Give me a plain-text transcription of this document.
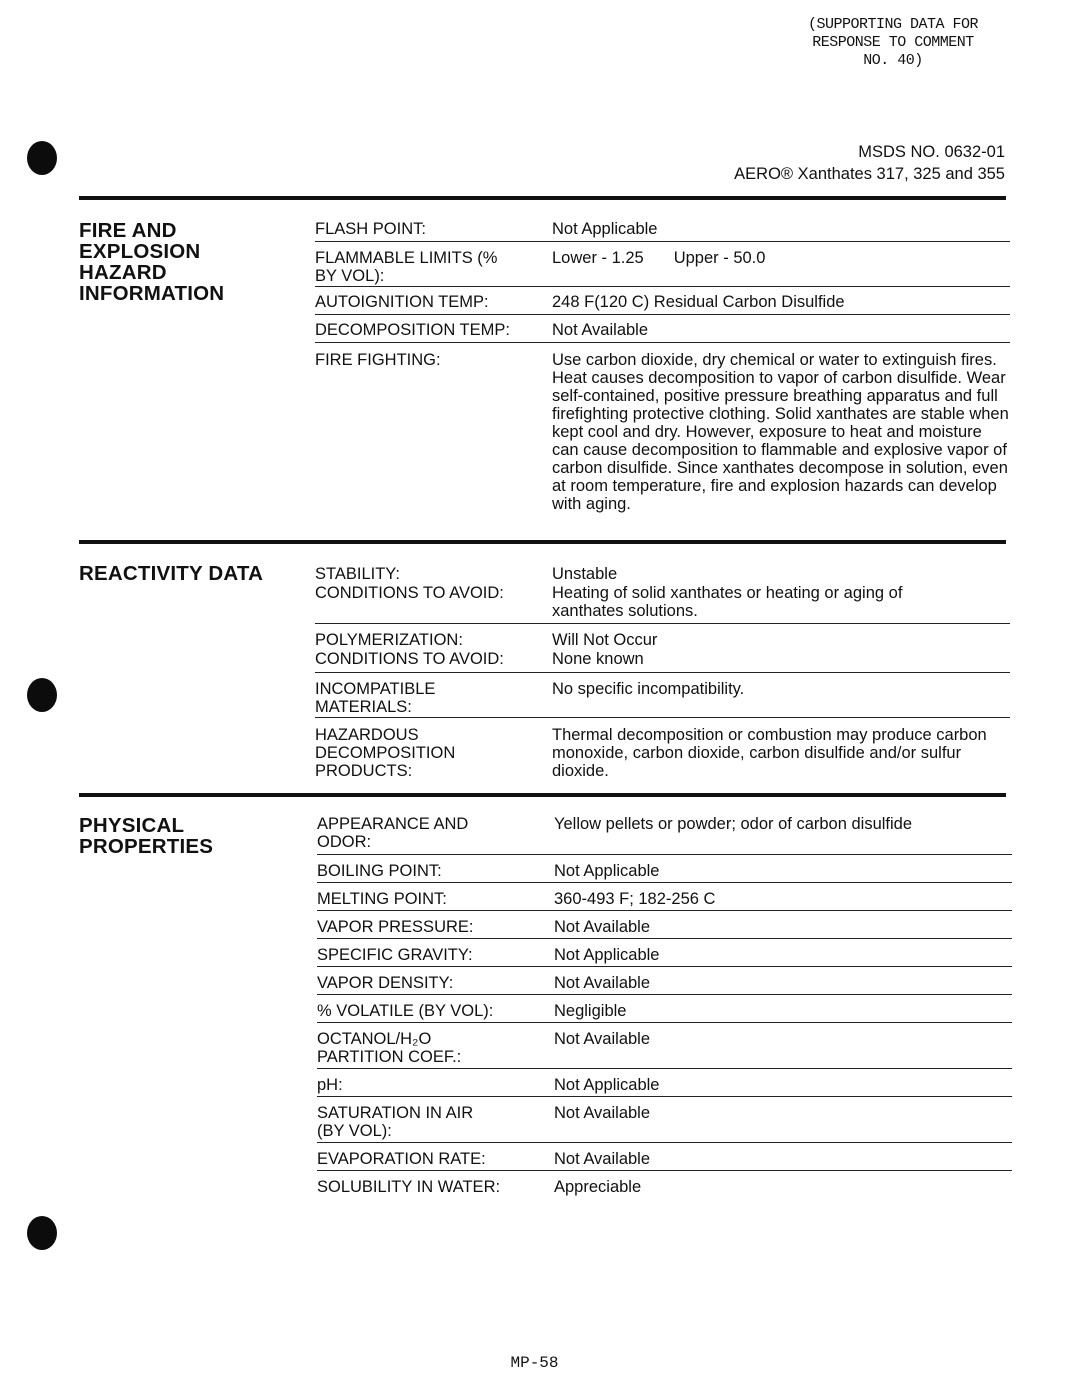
(SUPPORTING DATA FOR
RESPONSE TO COMMENT
NO. 40)
MSDS NO. 0632-01
AERO® Xanthates 317, 325 and 355
FIRE AND EXPLOSION HAZARD INFORMATION
FLASH POINT:	Not Applicable
FLAMMABLE LIMITS (% BY VOL):
Lower - 1.25 Upper - 50.0
AUTOIGNITION TEMP:	248 F(120 C) Residual Carbon Disulfide
DECOMPOSITION TEMP:	Not Available
FIRE FIGHTING:	Use carbon dioxide, dry chemical or water to extinguish fires. Heat causes decomposition to vapor of carbon disulfide. Wear self-contained, positive pressure breathing apparatus and full firefighting protective clothing. Solid xanthates are stable when kept cool and dry. However, exposure to heat and moisture can cause decomposition to flammable and explosive vapor of carbon disulfide. Since xanthates decompose in solution, even at room temperature, fire and explosion hazards can develop with aging.
REACTIVITY DATA	STABILITY:	Unstable
CONDITIONS TO AVOID:	Heating of solid xanthates or heating or aging of xanthates solutions.
POLYMERIZATION:	Will Not Occur
CONDITIONS TO AVOID:	None known
INCOMPATIBLE MATERIALS:
No specific incompatibility.
HAZARDOUS DECOMPOSITION PRODUCTS:
Thermal decomposition or combustion may produce carbon monoxide, carbon dioxide, carbon disulfide and/or sulfur dioxide.
PHYSICAL PROPERTIES
APPEARANCE AND ODOR:
Yellow pellets or powder; odor of carbon disulfide
BOILING POINT:	Not Applicable
MELTING POINT:	360-493 F; 182-256 C
VAPOR PRESSURE:	Not Available
SPECIFIC GRAVITY:	Not Applicable
VAPOR DENSITY:	Not Available
% VOLATILE (BY VOL):	Negligible
OCTANOL/H₂O PARTITION COEF.:
Not Available
pH:	Not Applicable
SATURATION IN AIR (BY VOL):
Not Available
EVAPORATION RATE:	Not Available
SOLUBILITY IN WATER:	Appreciable
MP-58
